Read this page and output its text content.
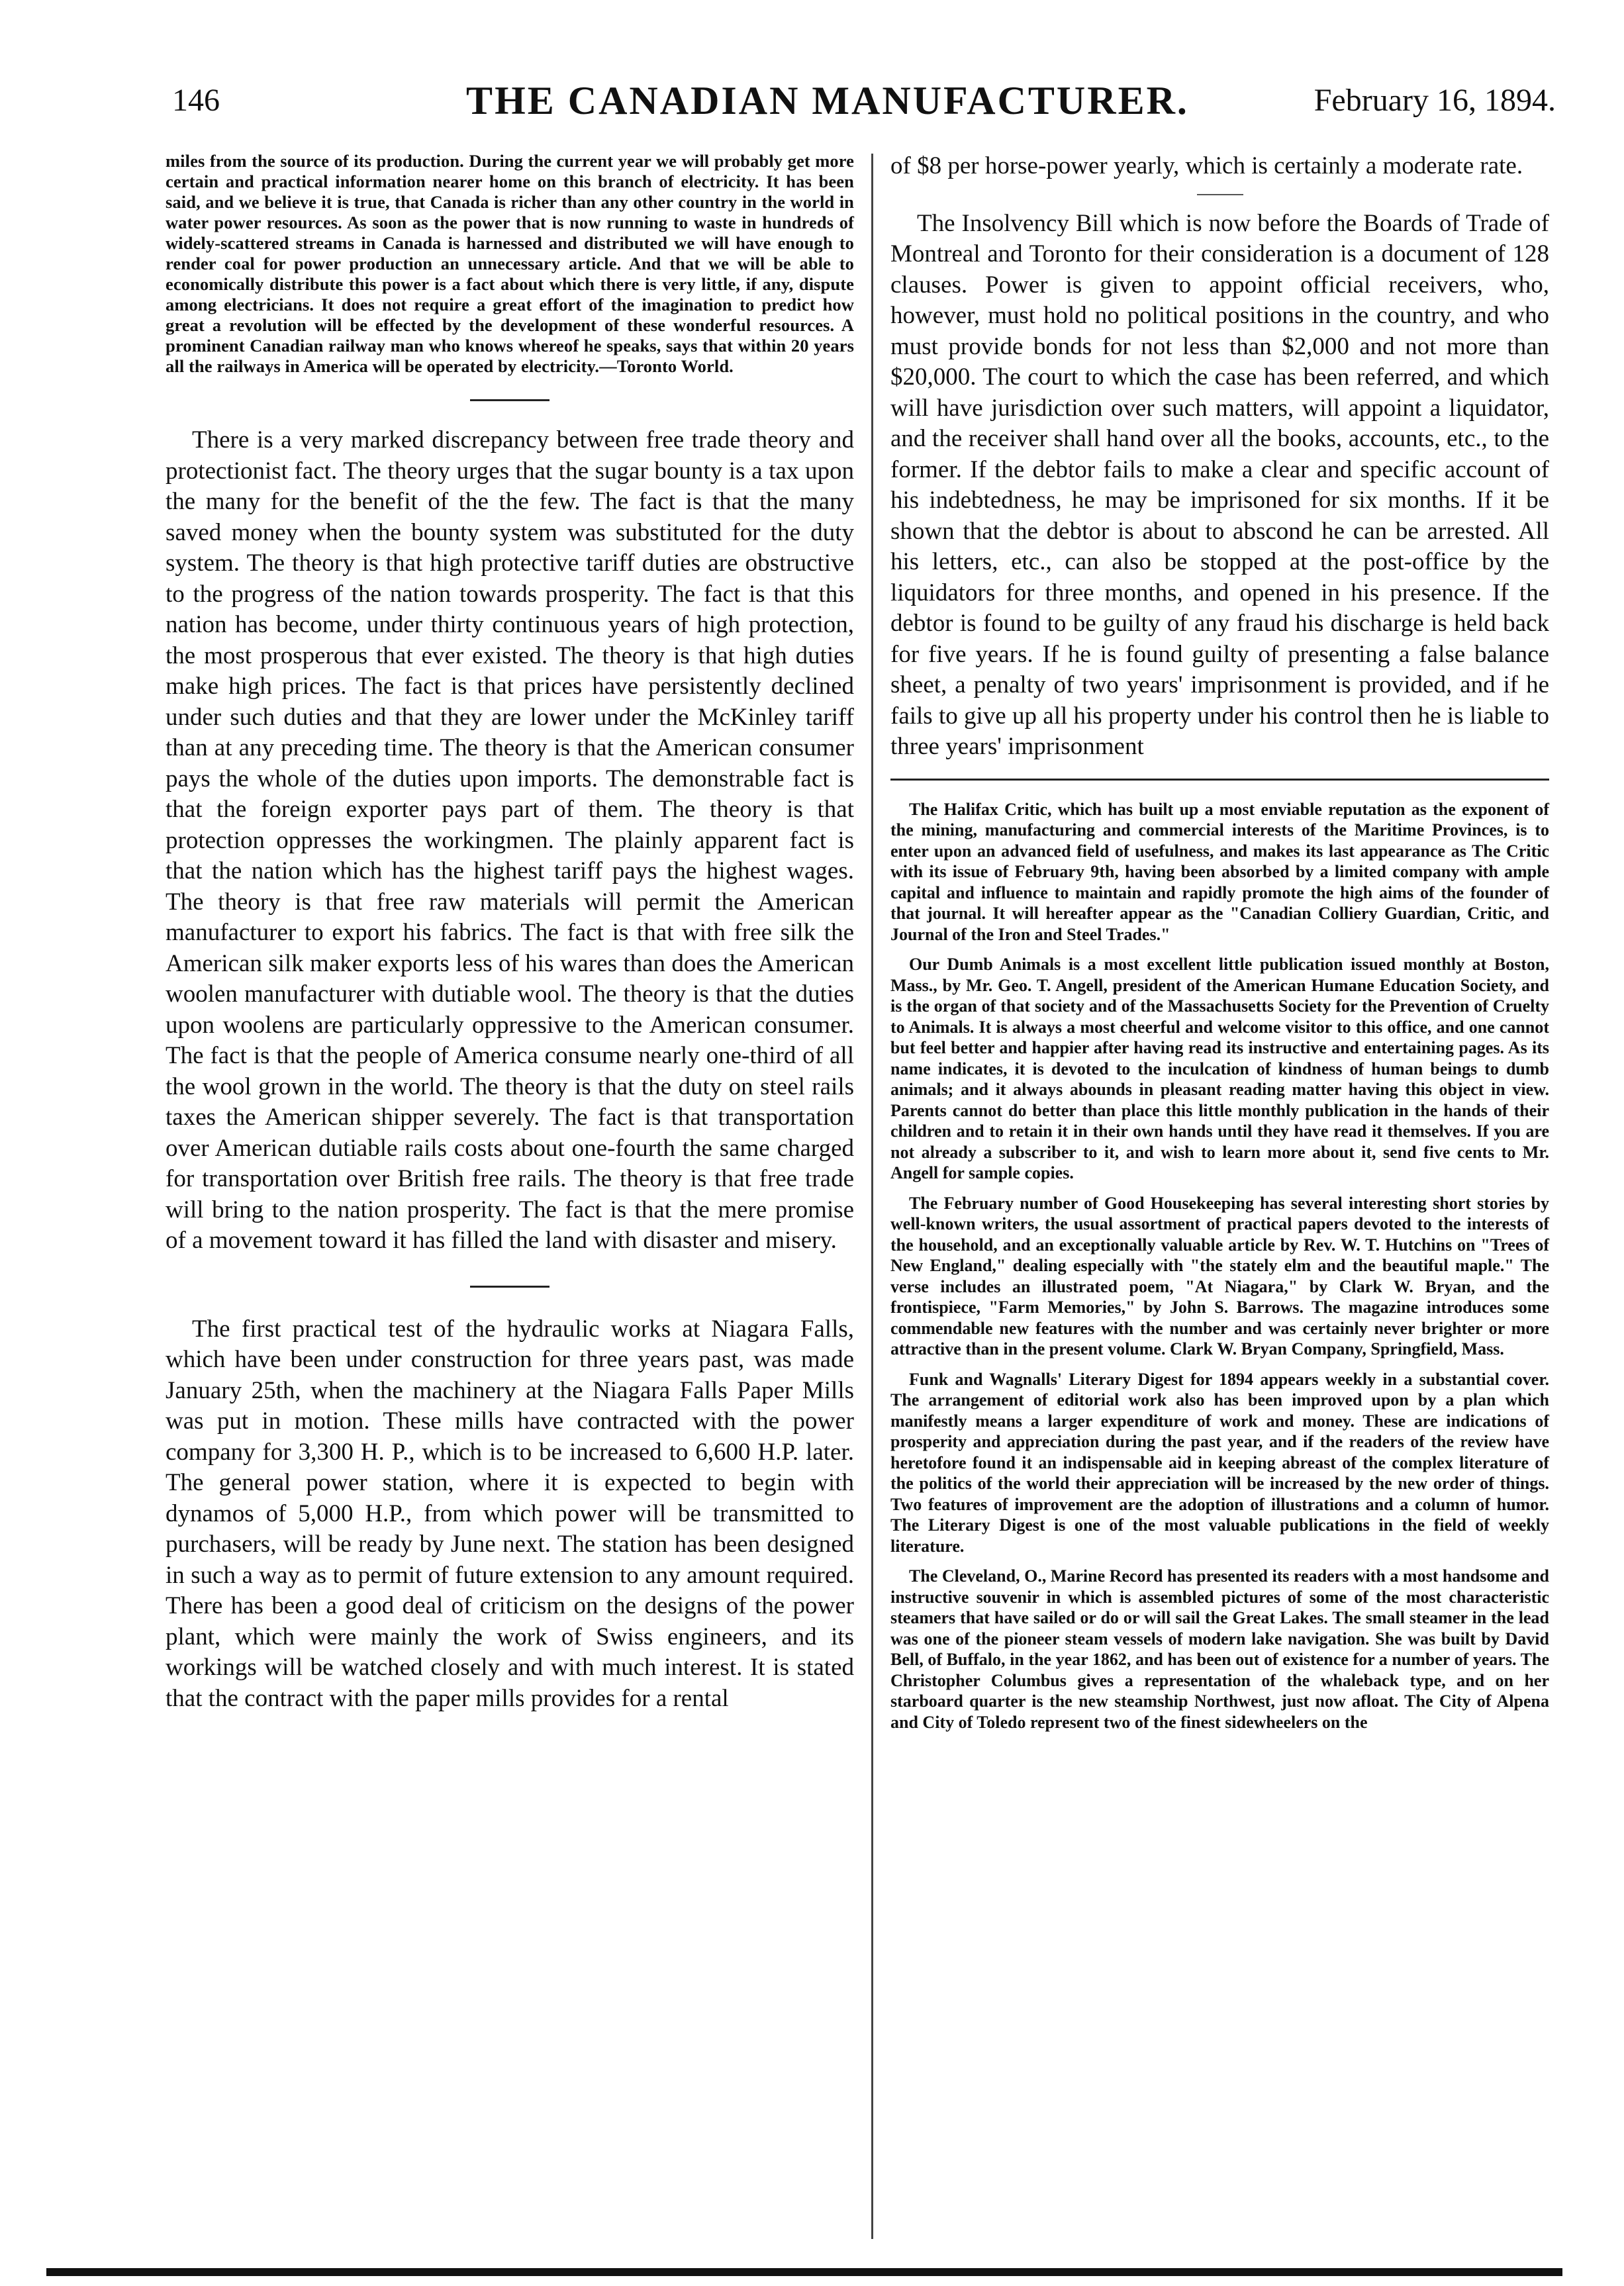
146	THE CANADIAN MANUFACTURER.	February 16, 1894.

miles from the source of its production. During the current year we will probably get more certain and practical information nearer home on this branch of electricity. It has been said, and we believe it is true, that Canada is richer than any other country in the world in water power resources. As soon as the power that is now running to waste in hundreds of widely-scattered streams in Canada is harnessed and distributed we will have enough to render coal for power production an unnecessary article. And that we will be able to economically distribute this power is a fact about which there is very little, if any, dispute among electricians. It does not require a great effort of the imagination to predict how great a revolution will be effected by the development of these wonderful resources. A prominent Canadian railway man who knows whereof he speaks, says that within 20 years all the railways in America will be operated by electricity.—Toronto World.

There is a very marked discrepancy between free trade theory and protectionist fact. The theory urges that the sugar bounty is a tax upon the many for the benefit of the the few. The fact is that the many saved money when the bounty system was substituted for the duty system. The theory is that high protective tariff duties are obstructive to the progress of the nation towards prosperity. The fact is that this nation has become, under thirty continuous years of high protection, the most prosperous that ever existed. The theory is that high duties make high prices. The fact is that prices have persistently declined under such duties and that they are lower under the McKinley tariff than at any preceding time. The theory is that the American consumer pays the whole of the duties upon imports. The demonstrable fact is that the foreign exporter pays part of them. The theory is that protection oppresses the workingmen. The plainly apparent fact is that the nation which has the highest tariff pays the highest wages. The theory is that free raw materials will permit the American manufacturer to export his fabrics. The fact is that with free silk the American silk maker exports less of his wares than does the American woolen manufacturer with dutiable wool. The theory is that the duties upon woolens are particularly oppressive to the American consumer. The fact is that the people of America consume nearly one-third of all the wool grown in the world. The theory is that the duty on steel rails taxes the American shipper severely. The fact is that transportation over American dutiable rails costs about one-fourth the same charged for transportation over British free rails. The theory is that free trade will bring to the nation prosperity. The fact is that the mere promise of a movement toward it has filled the land with disaster and misery.

The first practical test of the hydraulic works at Niagara Falls, which have been under construction for three years past, was made January 25th, when the machinery at the Niagara Falls Paper Mills was put in motion. These mills have contracted with the power company for 3,300 H. P., which is to be increased to 6,600 H.P. later. The general power station, where it is expected to begin with dynamos of 5,000 H.P., from which power will be transmitted to purchasers, will be ready by June next. The station has been designed in such a way as to permit of future extension to any amount required. There has been a good deal of criticism on the designs of the power plant, which were mainly the work of Swiss engineers, and its workings will be watched closely and with much interest. It is stated that the contract with the paper mills provides for a rental

of $8 per horse-power yearly, which is certainly a moderate rate.

The Insolvency Bill which is now before the Boards of Trade of Montreal and Toronto for their consideration is a document of 128 clauses. Power is given to appoint official receivers, who, however, must hold no political positions in the country, and who must provide bonds for not less than $2,000 and not more than $20,000. The court to which the case has been referred, and which will have jurisdiction over such matters, will appoint a liquidator, and the receiver shall hand over all the books, accounts, etc., to the former. If the debtor fails to make a clear and specific account of his indebtedness, he may be imprisoned for six months. If it be shown that the debtor is about to abscond he can be arrested. All his letters, etc., can also be stopped at the post-office by the liquidators for three months, and opened in his presence. If the debtor is found to be guilty of any fraud his discharge is held back for five years. If he is found guilty of presenting a false balance sheet, a penalty of two years' imprisonment is provided, and if he fails to give up all his property under his control then he is liable to three years' imprisonment

The Halifax Critic, which has built up a most enviable reputation as the exponent of the mining, manufacturing and commercial interests of the Maritime Provinces, is to enter upon an advanced field of usefulness, and makes its last appearance as The Critic with its issue of February 9th, having been absorbed by a limited company with ample capital and influence to maintain and rapidly promote the high aims of the founder of that journal. It will hereafter appear as the "Canadian Colliery Guardian, Critic, and Journal of the Iron and Steel Trades."

Our Dumb Animals is a most excellent little publication issued monthly at Boston, Mass., by Mr. Geo. T. Angell, president of the American Humane Education Society, and is the organ of that society and of the Massachusetts Society for the Prevention of Cruelty to Animals. It is always a most cheerful and welcome visitor to this office, and one cannot but feel better and happier after having read its instructive and entertaining pages. As its name indicates, it is devoted to the inculcation of kindness of human beings to dumb animals; and it always abounds in pleasant reading matter having this object in view. Parents cannot do better than place this little monthly publication in the hands of their children and to retain it in their own hands until they have read it themselves. If you are not already a subscriber to it, and wish to learn more about it, send five cents to Mr. Angell for sample copies.

The February number of Good Housekeeping has several interesting short stories by well-known writers, the usual assortment of practical papers devoted to the interests of the household, and an exceptionally valuable article by Rev. W. T. Hutchins on "Trees of New England," dealing especially with "the stately elm and the beautiful maple." The verse includes an illustrated poem, "At Niagara," by Clark W. Bryan, and the frontispiece, "Farm Memories," by John S. Barrows. The magazine introduces some commendable new features with the number and was certainly never brighter or more attractive than in the present volume. Clark W. Bryan Company, Springfield, Mass.

Funk and Wagnalls' Literary Digest for 1894 appears weekly in a substantial cover. The arrangement of editorial work also has been improved upon by a plan which manifestly means a larger expenditure of work and money. These are indications of prosperity and appreciation during the past year, and if the readers of the review have heretofore found it an indispensable aid in keeping abreast of the complex literature of the politics of the world their appreciation will be increased by the new order of things. Two features of improvement are the adoption of illustrations and a column of humor. The Literary Digest is one of the most valuable publications in the field of weekly literature.

The Cleveland, O., Marine Record has presented its readers with a most handsome and instructive souvenir in which is assembled pictures of some of the most characteristic steamers that have sailed or do or will sail the Great Lakes. The small steamer in the lead was one of the pioneer steam vessels of modern lake navigation. She was built by David Bell, of Buffalo, in the year 1862, and has been out of existence for a number of years. The Christopher Columbus gives a representation of the whaleback type, and on her starboard quarter is the new steamship Northwest, just now afloat. The City of Alpena and City of Toledo represent two of the finest sidewheelers on the
